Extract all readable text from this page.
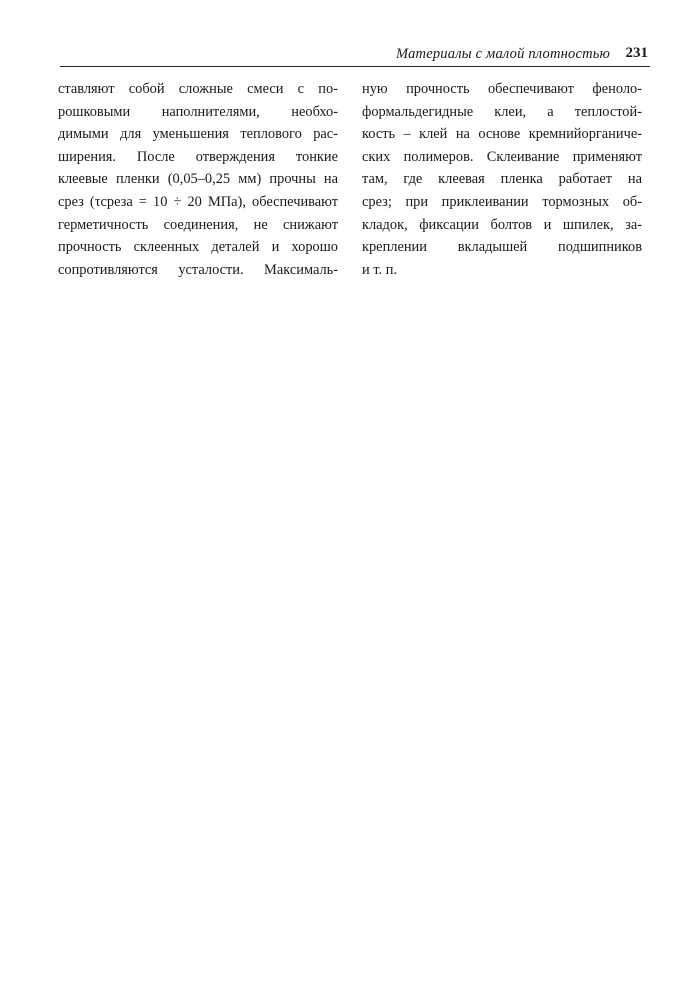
Материалы с малой плотностью 231
ставляют собой сложные смеси с по-
рошковыми наполнителями, необхо-
димыми для уменьшения теплового рас-
ширения. После отверждения тонкие
клеевые пленки (0,05–0,25 мм) прочны на
срез (τсреза = 10 ÷ 20 МПа), обеспечивают
герметичность соединения, не снижают
прочность склеенных деталей и хорошо
сопротивляются усталости. Максималь-
ную прочность обеспечивают феноло-
формальдегидные клеи, а теплостой-
кость – клей на основе кремнийорганиче-
ских полимеров. Склеивание применяют
там, где клеевая пленка работает на
срез; при приклеивании тормозных об-
кладок, фиксации болтов и шпилек, за-
креплении вкладышей подшипников
и т. п.
